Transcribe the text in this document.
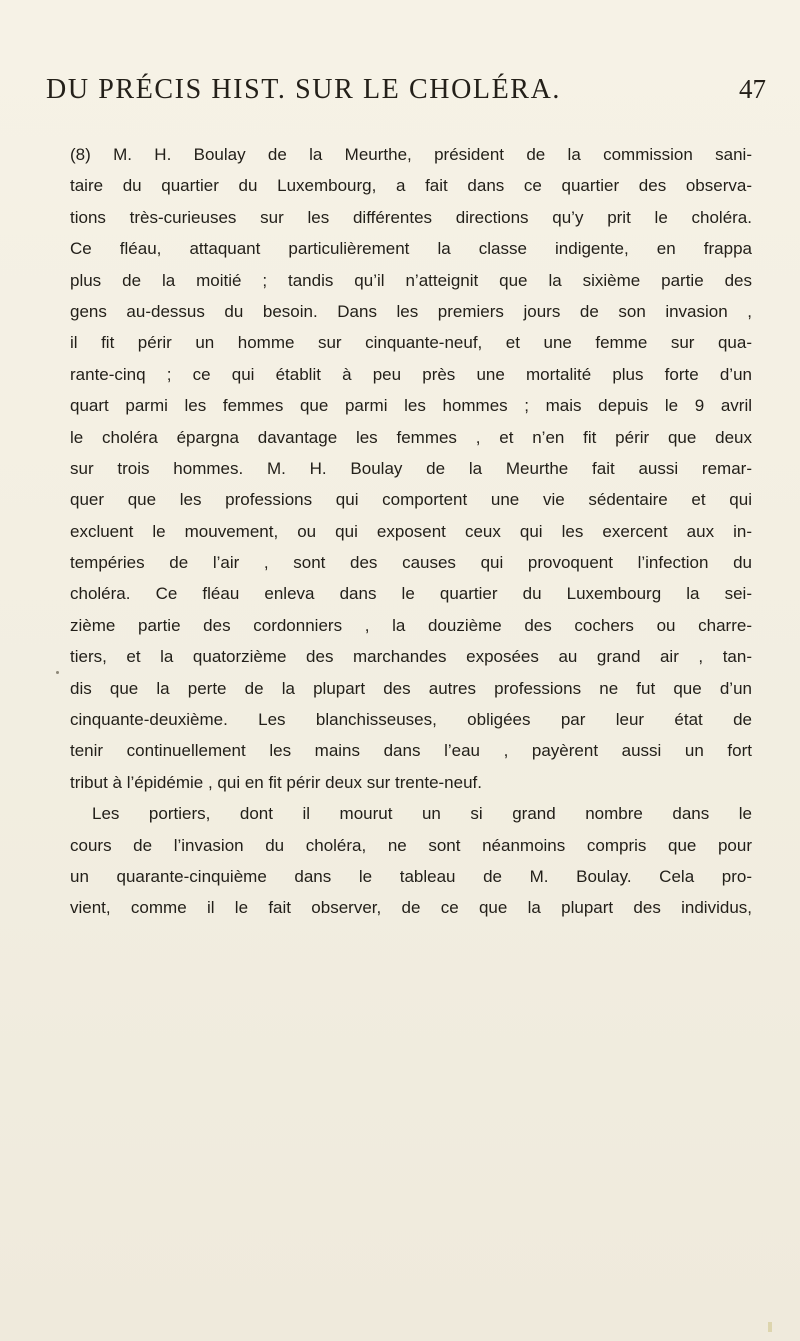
DU PRÉCIS HIST. SUR LE CHOLÉRA.	47
(8) M. H. Boulay de la Meurthe, président de la commission sani-
taire du quartier du Luxembourg, a fait dans ce quartier des observa-
tions très-curieuses sur les différentes directions qu’y prit le choléra.
Ce fléau, attaquant particulièrement la classe indigente, en frappa
plus de la moitié ; tandis qu’il n’atteignit que la sixième partie des
gens au-dessus du besoin. Dans les premiers jours de son invasion ,
il fit périr un homme sur cinquante-neuf, et une femme sur qua-
rante-cinq ; ce qui établit à peu près une mortalité plus forte d’un
quart parmi les femmes que parmi les hommes ; mais depuis le 9 avril
le choléra épargna davantage les femmes , et n’en fit périr que deux
sur trois hommes. M. H. Boulay de la Meurthe fait aussi remar-
quer que les professions qui comportent une vie sédentaire et qui
excluent le mouvement, ou qui exposent ceux qui les exercent aux in-
tempéries de l’air , sont des causes qui provoquent l’infection du
choléra. Ce fléau enleva dans le quartier du Luxembourg la sei-
zième partie des cordonniers , la douzième des cochers ou charre-
tiers, et la quatorzième des marchandes exposées au grand air , tan-
dis que la perte de la plupart des autres professions ne fut que d’un
cinquante-deuxième. Les blanchisseuses, obligées par leur état de
tenir continuellement les mains dans l’eau , payèrent aussi un fort
tribut à l’épidémie , qui en fit périr deux sur trente-neuf.
Les portiers, dont il mourut un si grand nombre dans le
cours de l’invasion du choléra, ne sont néanmoins compris que pour
un quarante-cinquième dans le tableau de M. Boulay. Cela pro-
vient, comme il le fait observer, de ce que la plupart des individus,
